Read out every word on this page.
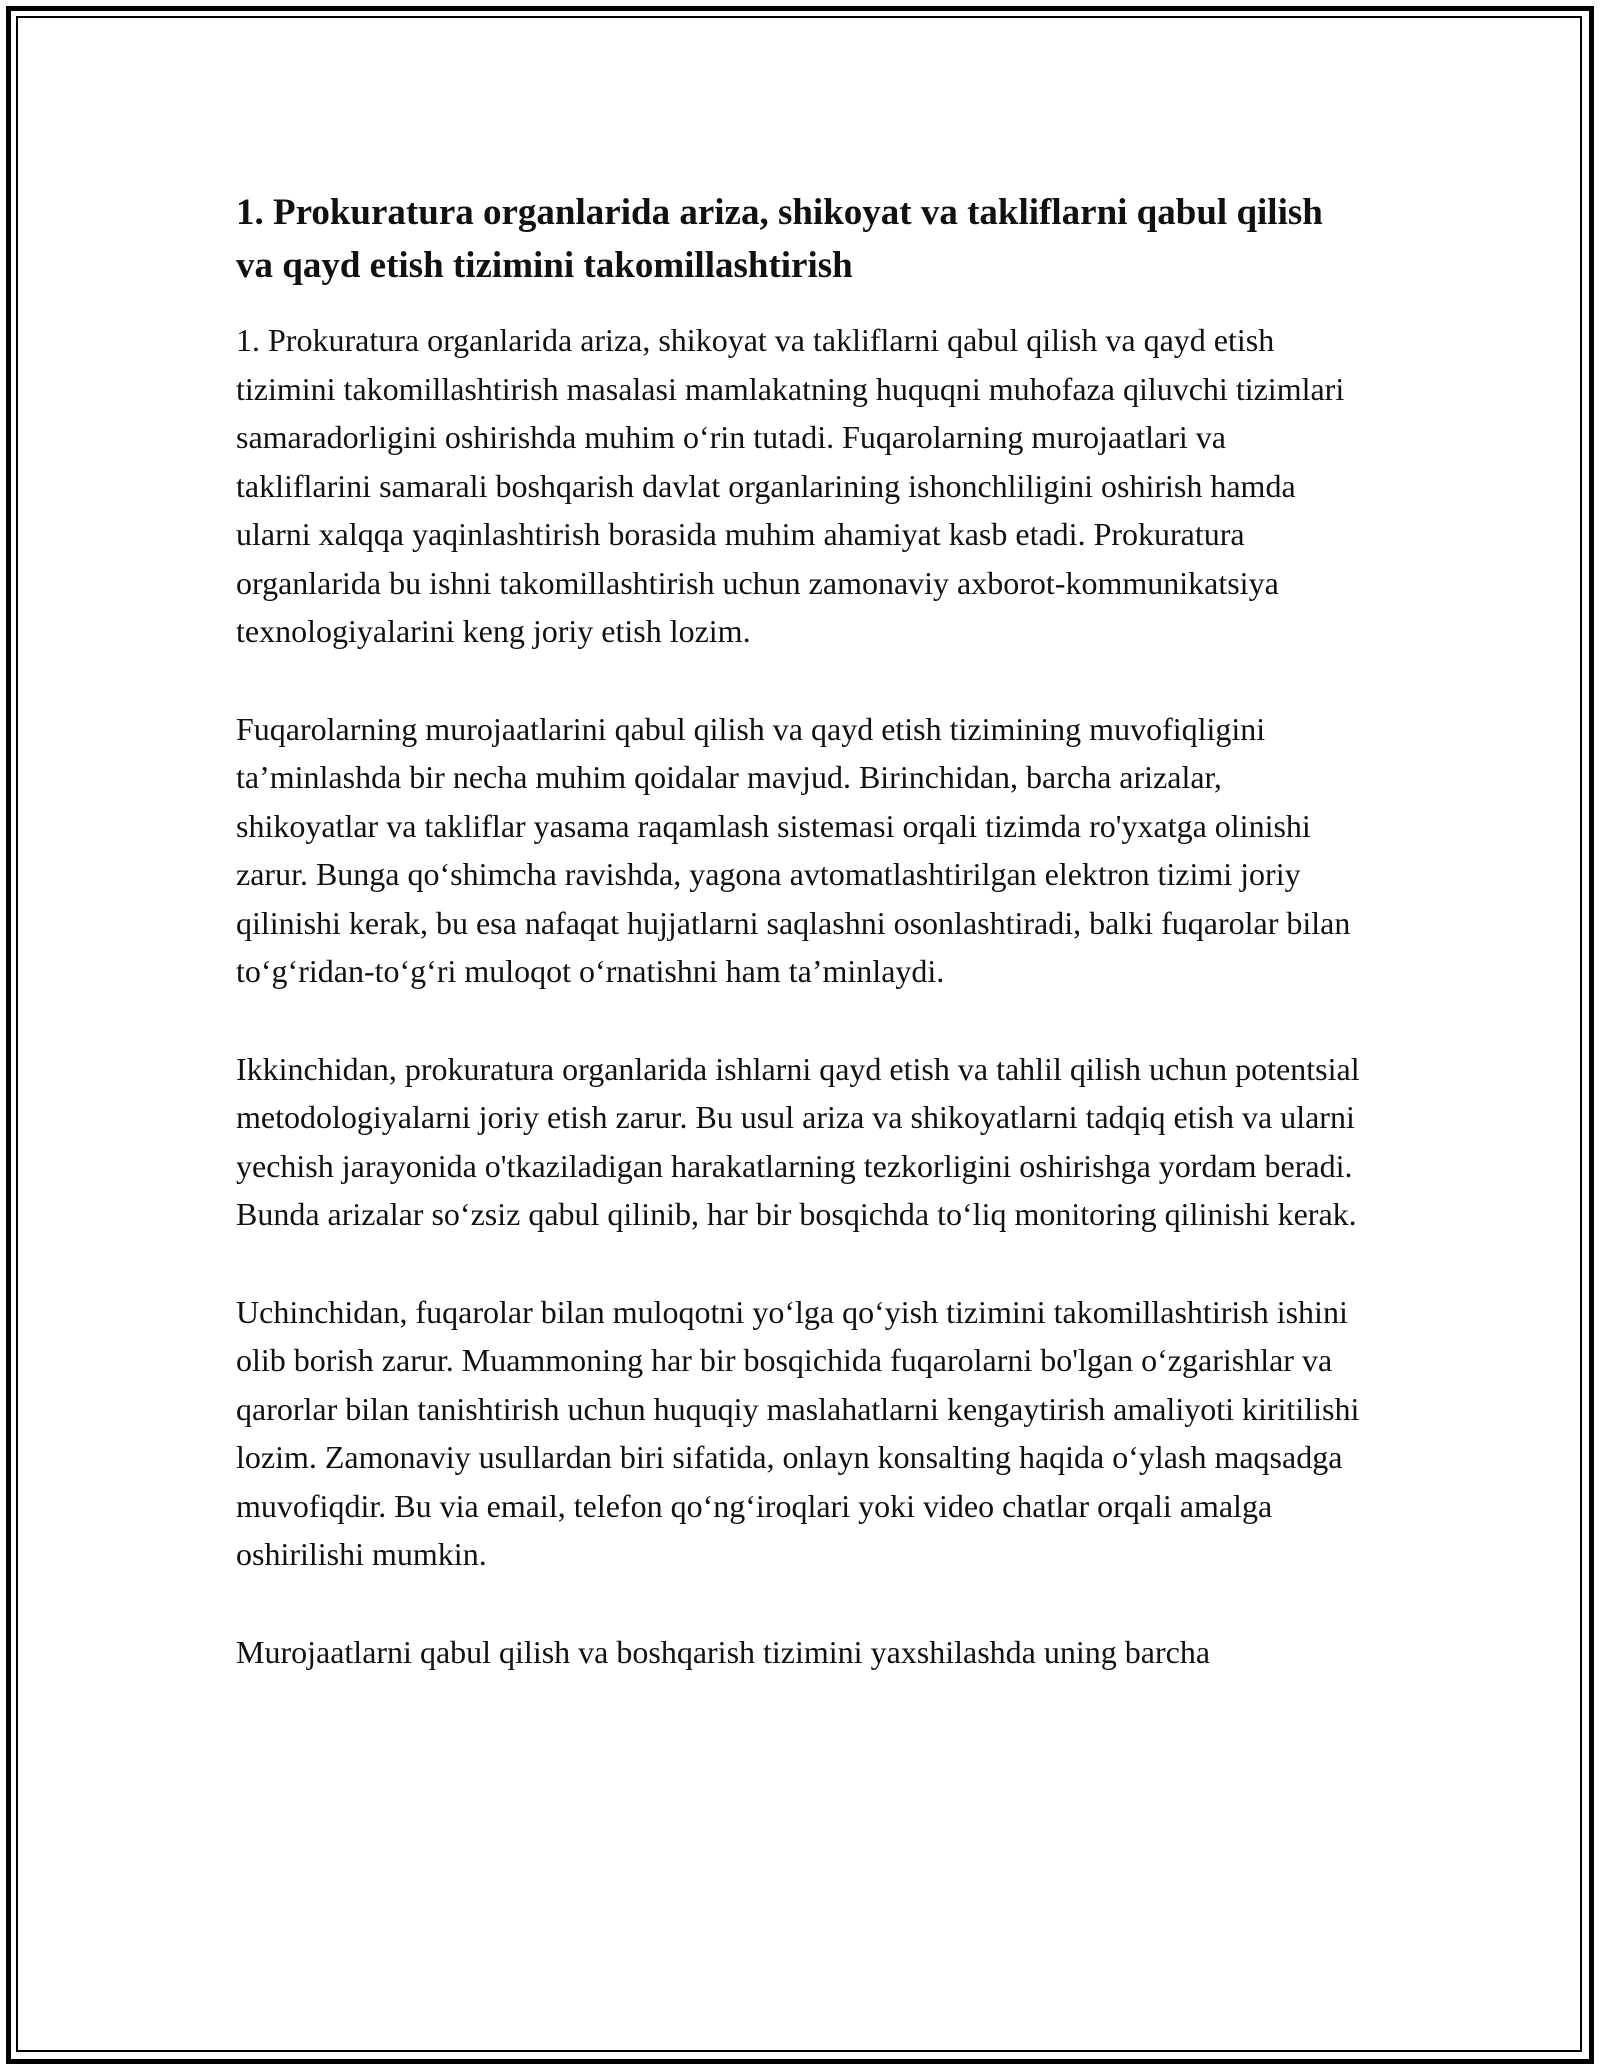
1. Prokuratura organlarida ariza, shikoyat va takliflarni qabul qilish va qayd etish tizimini takomillashtirish

1. Prokuratura organlarida ariza, shikoyat va takliflarni qabul qilish va qayd etish tizimini takomillashtirish masalasi mamlakatning huquqni muhofaza qiluvchi tizimlari samaradorligini oshirishda muhim o‘rin tutadi. Fuqarolarning murojaatlari va takliflarini samarali boshqarish davlat organlarining ishonchliligini oshirish hamda ularni xalqqa yaqinlashtirish borasida muhim ahamiyat kasb etadi. Prokuratura organlarida bu ishni takomillashtirish uchun zamonaviy axborot-kommunikatsiya texnologiyalarini keng joriy etish lozim.

Fuqarolarning murojaatlarini qabul qilish va qayd etish tizimining muvofiqligini ta’minlashda bir necha muhim qoidalar mavjud. Birinchidan, barcha arizalar, shikoyatlar va takliflar yasama raqamlash sistemasi orqali tizimda ro'yxatga olinishi zarur. Bunga qo‘shimcha ravishda, yagona avtomatlashtirilgan elektron tizimi joriy qilinishi kerak, bu esa nafaqat hujjatlarni saqlashni osonlashtiradi, balki fuqarolar bilan to‘g‘ridan-to‘g‘ri muloqot o‘rnatishni ham ta’minlaydi.

Ikkinchidan, prokuratura organlarida ishlarni qayd etish va tahlil qilish uchun potentsial metodologiyalarni joriy etish zarur. Bu usul ariza va shikoyatlarni tadqiq etish va ularni yechish jarayonida o'tkaziladigan harakatlarning tezkorligini oshirishga yordam beradi. Bunda arizalar so‘zsiz qabul qilinib, har bir bosqichda to‘liq monitoring qilinishi kerak.

Uchinchidan, fuqarolar bilan muloqotni yo‘lga qo‘yish tizimini takomillashtirish ishini olib borish zarur. Muammoning har bir bosqichida fuqarolarni bo'lgan o‘zgarishlar va qarorlar bilan tanishtirish uchun huquqiy maslahatlarni kengaytirish amaliyoti kiritilishi lozim. Zamonaviy usullardan biri sifatida, onlayn konsalting haqida o‘ylash maqsadga muvofiqdir. Bu via email, telefon qo‘ng‘iroqlari yoki video chatlar orqali amalga oshirilishi mumkin.

Murojaatlarni qabul qilish va boshqarish tizimini yaxshilashda uning barcha
